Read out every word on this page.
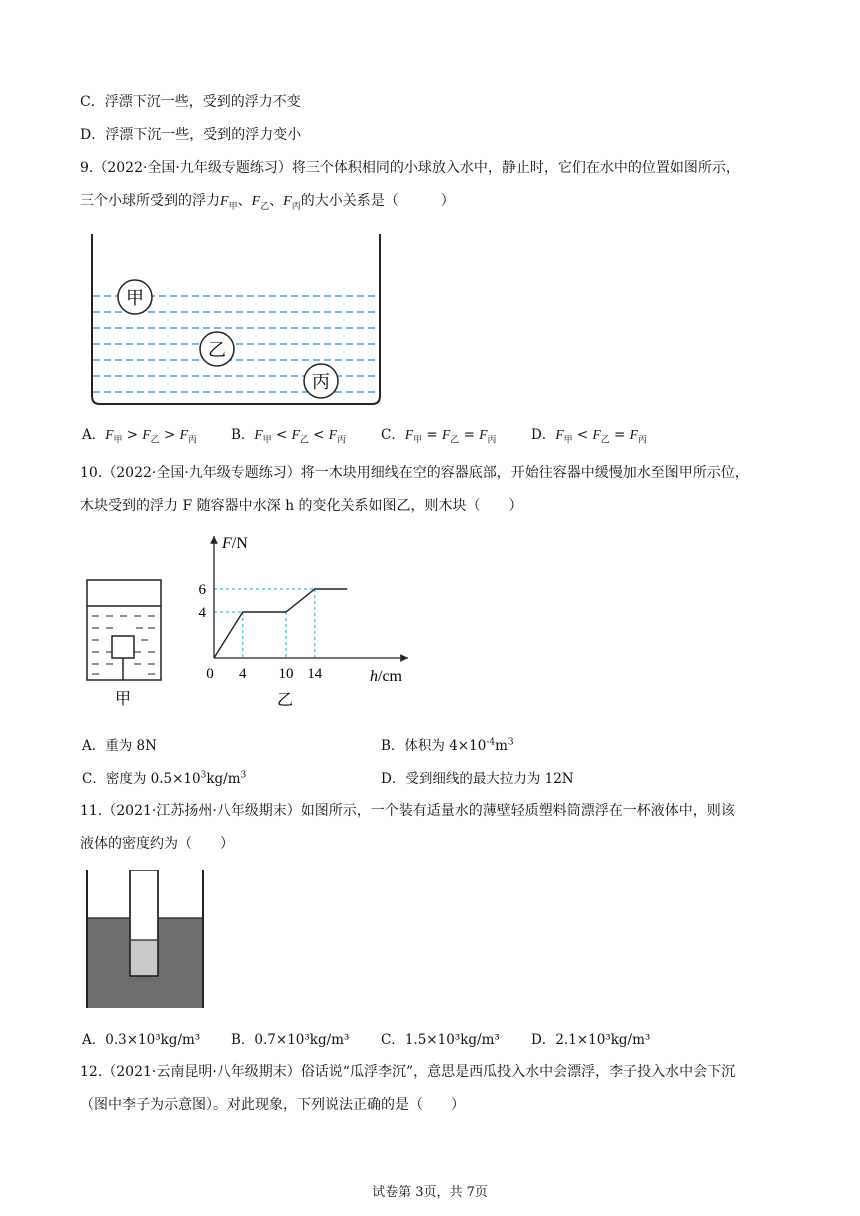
C．浮漂下沉一些，受到的浮力不变
D．浮漂下沉一些，受到的浮力变小
9.（2022·全国·九年级专题练习）将三个体积相同的小球放入水中，静止时，它们在水中的位置如图所示，
三个小球所受到的浮力$F_甲$、$F_乙$、$F_丙$的大小关系是（　　　）
甲
乙
丙
A．$F_甲 > F_乙 > F_丙$	B．$F_甲 < F_乙 < F_丙$	C．$F_甲 = F_乙 = F_丙$	D．$F_甲 < F_乙 = F_丙$
10.（2022·全国·九年级专题练习）将一木块用细线在空的容器底部，开始往容器中缓慢加水至图甲所示位，
木块受到的浮力 F 随容器中水深 h 的变化关系如图乙，则木块（　　）
甲
F/N
h/cm
0 4 10 14
4
6
乙
A．重为 8N	B．体积为 $4\times 10^{-4}m^3$
C．密度为 $0.5\times 10^3kg/m^3$	D．受到细线的最大拉力为 12N
11.（2021·江苏扬州·八年级期末）如图所示，一个装有适量水的薄壁轻质塑料筒漂浮在一杯液体中，则该
液体的密度约为（　　）
A．0.3×10³kg/m³ B．0.7×10³kg/m³ C．1.5×10³kg/m³ D．2.1×10³kg/m³
12.（2021·云南昆明·八年级期末）俗话说“瓜浮李沉”，意思是西瓜投入水中会漂浮，李子投入水中会下沉
（图中李子为示意图）。对此现象，下列说法正确的是（　　）
试卷第 3页，共 7页
